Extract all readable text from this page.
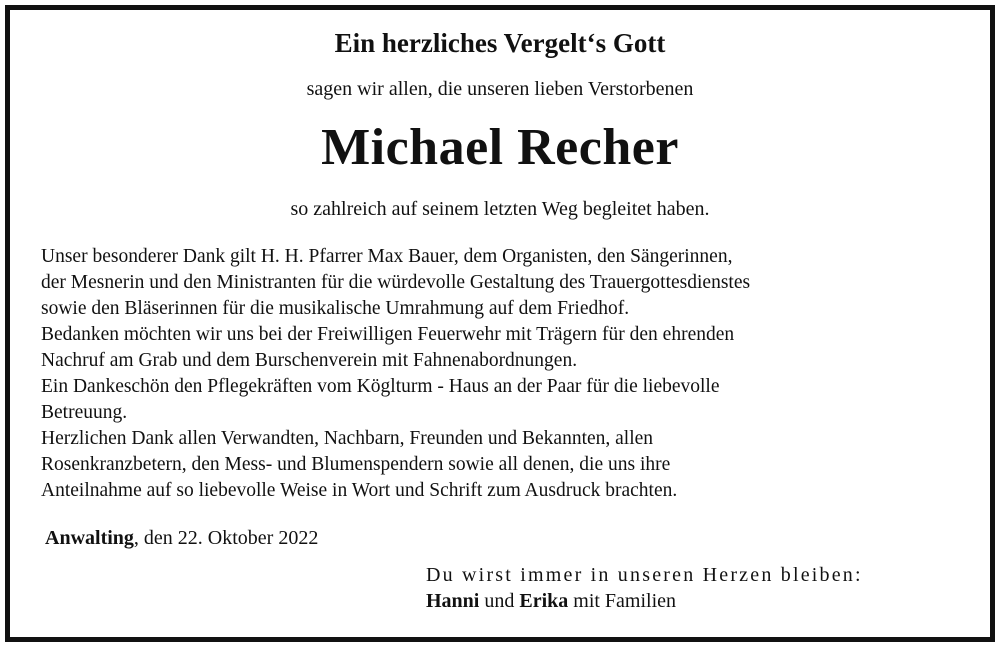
Ein herzliches Vergelt‘s Gott
sagen wir allen, die unseren lieben Verstorbenen
Michael Recher
so zahlreich auf seinem letzten Weg begleitet haben.
Unser besonderer Dank gilt H. H. Pfarrer Max Bauer, dem Organisten, den Sängerinnen,
der Mesnerin und den Ministranten für die würdevolle Gestaltung des Trauergottesdienstes
sowie den Bläserinnen für die musikalische Umrahmung auf dem Friedhof.
Bedanken möchten wir uns bei der Freiwilligen Feuerwehr mit Trägern für den ehrenden
Nachruf am Grab und dem Burschenverein mit Fahnenabordnungen.
Ein Dankeschön den Pflegekräften vom Köglturm - Haus an der Paar für die liebevolle
Betreuung.
Herzlichen Dank allen Verwandten, Nachbarn, Freunden und Bekannten, allen
Rosenkranzbetern, den Mess- und Blumenspendern sowie all denen, die uns ihre
Anteilnahme auf so liebevolle Weise in Wort und Schrift zum Ausdruck brachten.
Anwalting, den 22. Oktober 2022
Du wirst immer in unseren Herzen bleiben:
Hanni und Erika mit Familien
